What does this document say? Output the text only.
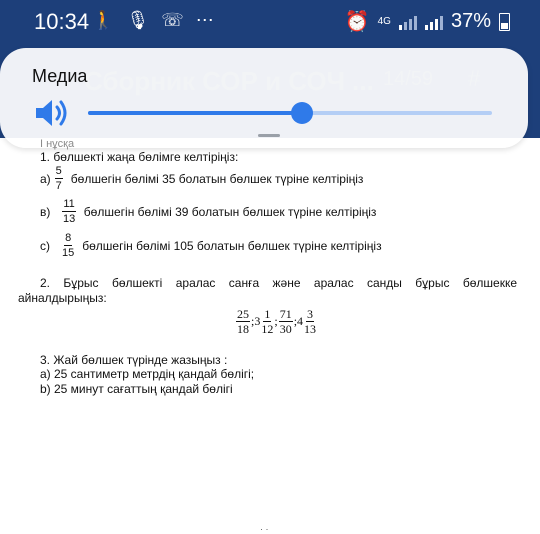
10:34 🚶 🎙 ☏ ⋯	⏰ 4G	37%
Медиа
I нұсқа
1. бөлшекті жаңа бөлімге келтіріңіз:
$a) \frac{5}{7}$ бөлшегін бөлімі 35 болатын бөлшек түріне келтіріңіз
$в) \frac{11}{13}$ бөлшегін бөлімі 39 болатын бөлшек түріне келтіріңіз
$c) \frac{8}{15}$ бөлшегін бөлімі 105 болатын бөлшек түріне келтіріңіз
2. Бұрыс бөлшекті аралас санға және аралас санды бұрыс бөлшекке
айналдырыңыз:
$\frac{25}{18}$ ;3 $\frac{1}{12}$ ; $\frac{71}{30}$ ;4 $\frac{3}{13}$
3. Жай бөлшек түрінде жазыңыз :
a) 25 сантиметр метрдің қандай бөлігі;
b) 25 минут сағаттың қандай бөлігі
· ·
